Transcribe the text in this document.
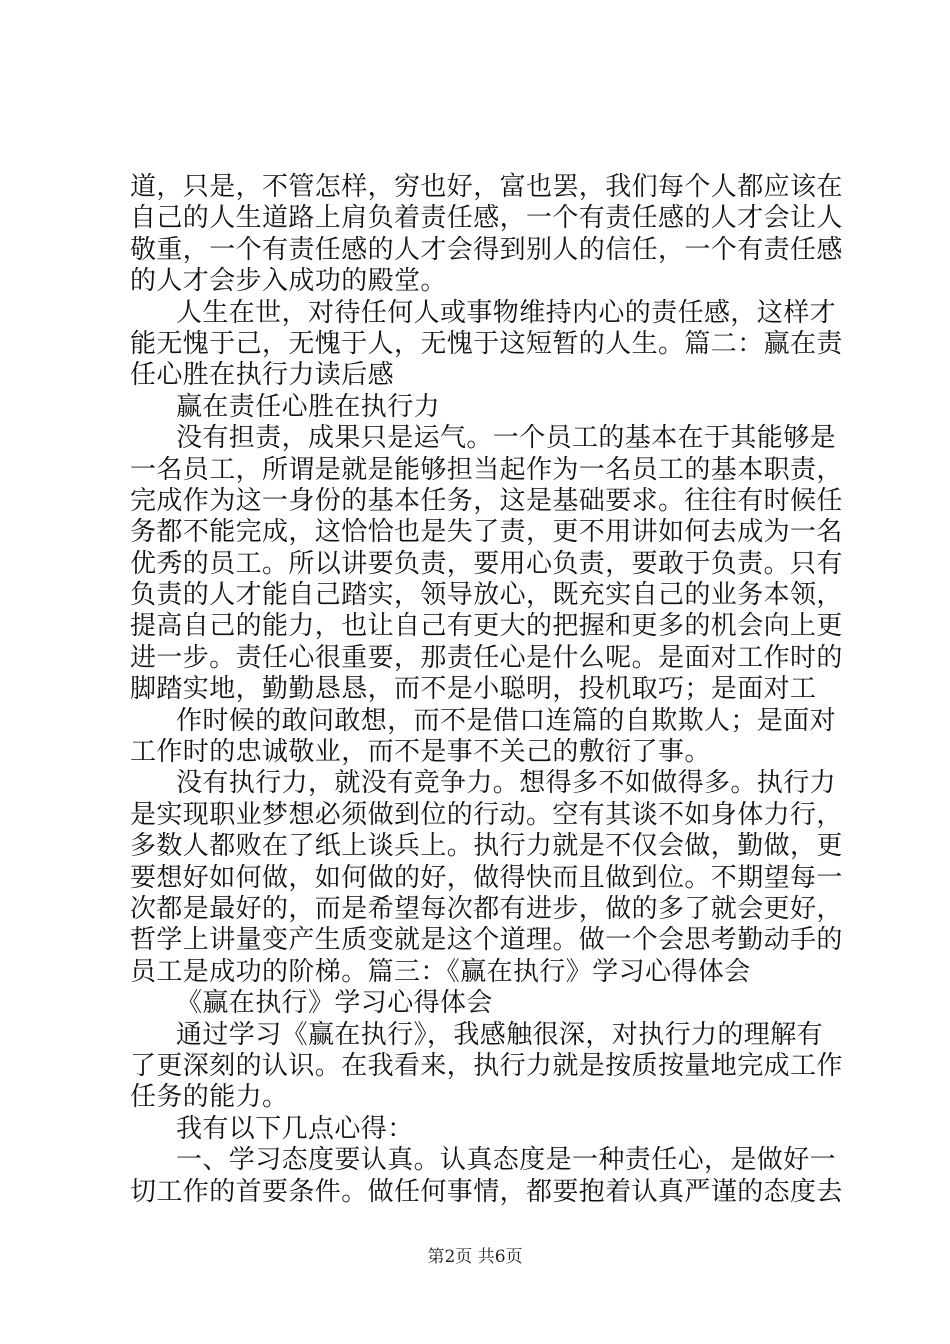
道，只是，不管怎样，穷也好，富也罢，我们每个人都应该在
自己的人生道路上肩负着责任感，一个有责任感的人才会让人
敬重，一个有责任感的人才会得到别人的信任，一个有责任感
的人才会步入成功的殿堂。
人生在世，对待任何人或事物维持内心的责任感，这样才
能无愧于己，无愧于人，无愧于这短暂的人生。篇二：赢在责
任心胜在执行力读后感
赢在责任心胜在执行力
没有担责，成果只是运气。一个员工的基本在于其能够是
一名员工，所谓是就是能够担当起作为一名员工的基本职责，
完成作为这一身份的基本任务，这是基础要求。往往有时候任
务都不能完成，这恰恰也是失了责，更不用讲如何去成为一名
优秀的员工。所以讲要负责，要用心负责，要敢于负责。只有
负责的人才能自己踏实，领导放心，既充实自己的业务本领，
提高自己的能力，也让自己有更大的把握和更多的机会向上更
进一步。责任心很重要，那责任心是什么呢。是面对工作时的
脚踏实地，勤勤恳恳，而不是小聪明，投机取巧；是面对工
作时候的敢问敢想，而不是借口连篇的自欺欺人；是面对
工作时的忠诚敬业，而不是事不关己的敷衍了事。
没有执行力，就没有竞争力。想得多不如做得多。执行力
是实现职业梦想必须做到位的行动。空有其谈不如身体力行，
多数人都败在了纸上谈兵上。执行力就是不仅会做，勤做，更
要想好如何做，如何做的好，做得快而且做到位。不期望每一
次都是最好的，而是希望每次都有进步，做的多了就会更好，
哲学上讲量变产生质变就是这个道理。做一个会思考勤动手的
员工是成功的阶梯。篇三：《赢在执行》学习心得体会
《赢在执行》学习心得体会
通过学习《赢在执行》，我感触很深，对执行力的理解有
了更深刻的认识。在我看来，执行力就是按质按量地完成工作
任务的能力。
我有以下几点心得：
一、学习态度要认真。认真态度是一种责任心，是做好一
切工作的首要条件。做任何事情，都要抱着认真严谨的态度去
第2页 共6页
